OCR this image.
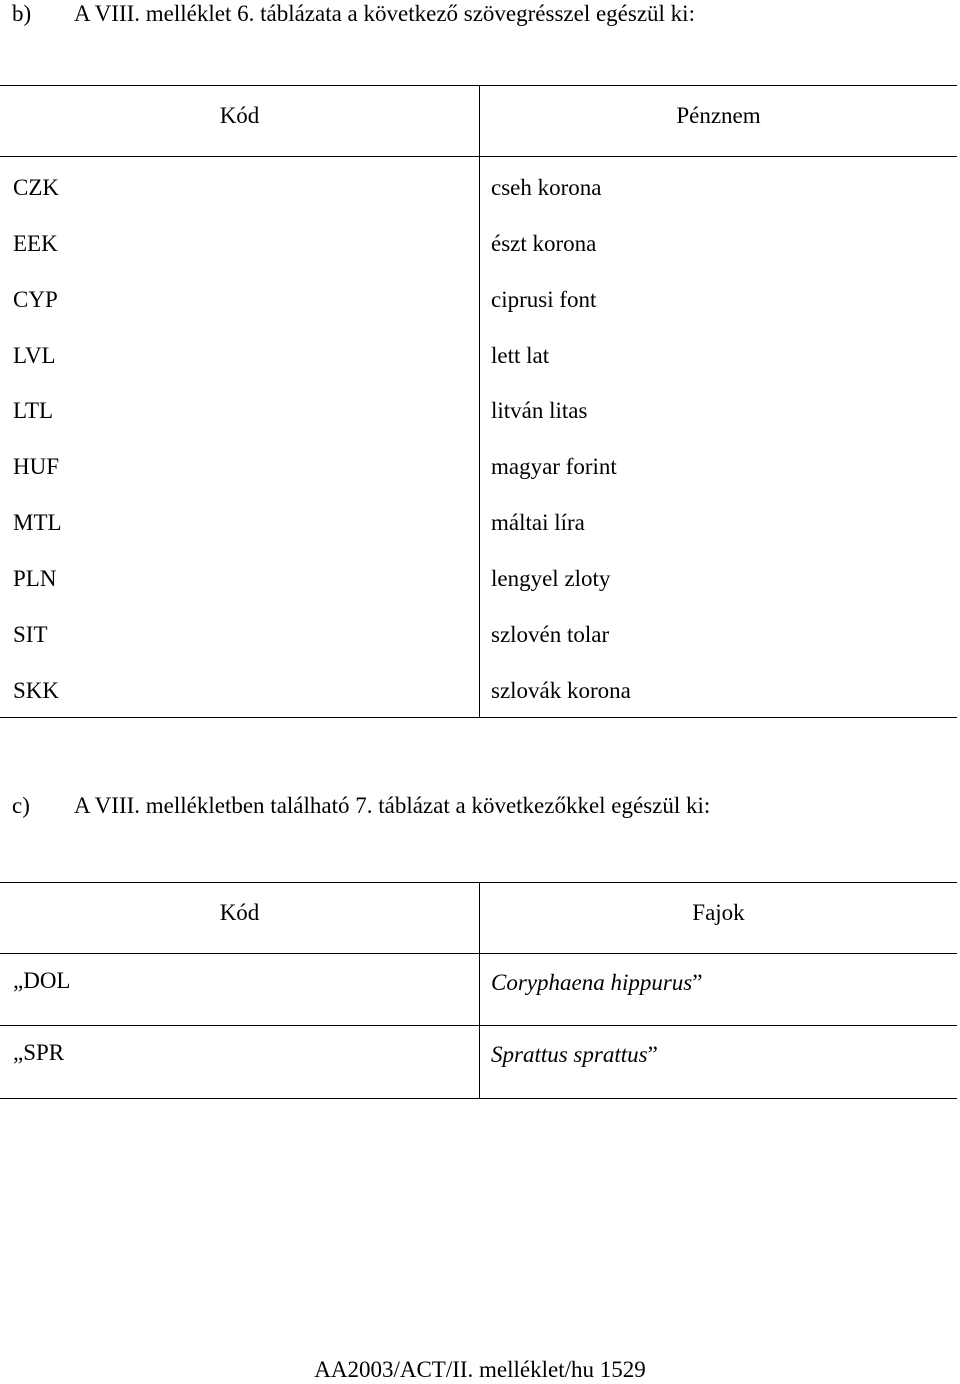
b) A VIII. melléklet 6. táblázata a következő szövegrésszel egészül ki:
Kód	Pénznem
CZK	cseh korona
EEK	észt korona
CYP	ciprusi font
LVL	lett lat
LTL	litván litas
HUF	magyar forint
MTL	máltai líra
PLN	lengyel zloty
SIT	szlovén tolar
SKK	szlovák korona
c) A VIII. mellékletben található 7. táblázat a következőkkel egészül ki:
Kód	Fajok
„DOL	Coryphaena hippurus”
„SPR	Sprattus sprattus”
AA2003/ACT/II. melléklet/hu 1529
